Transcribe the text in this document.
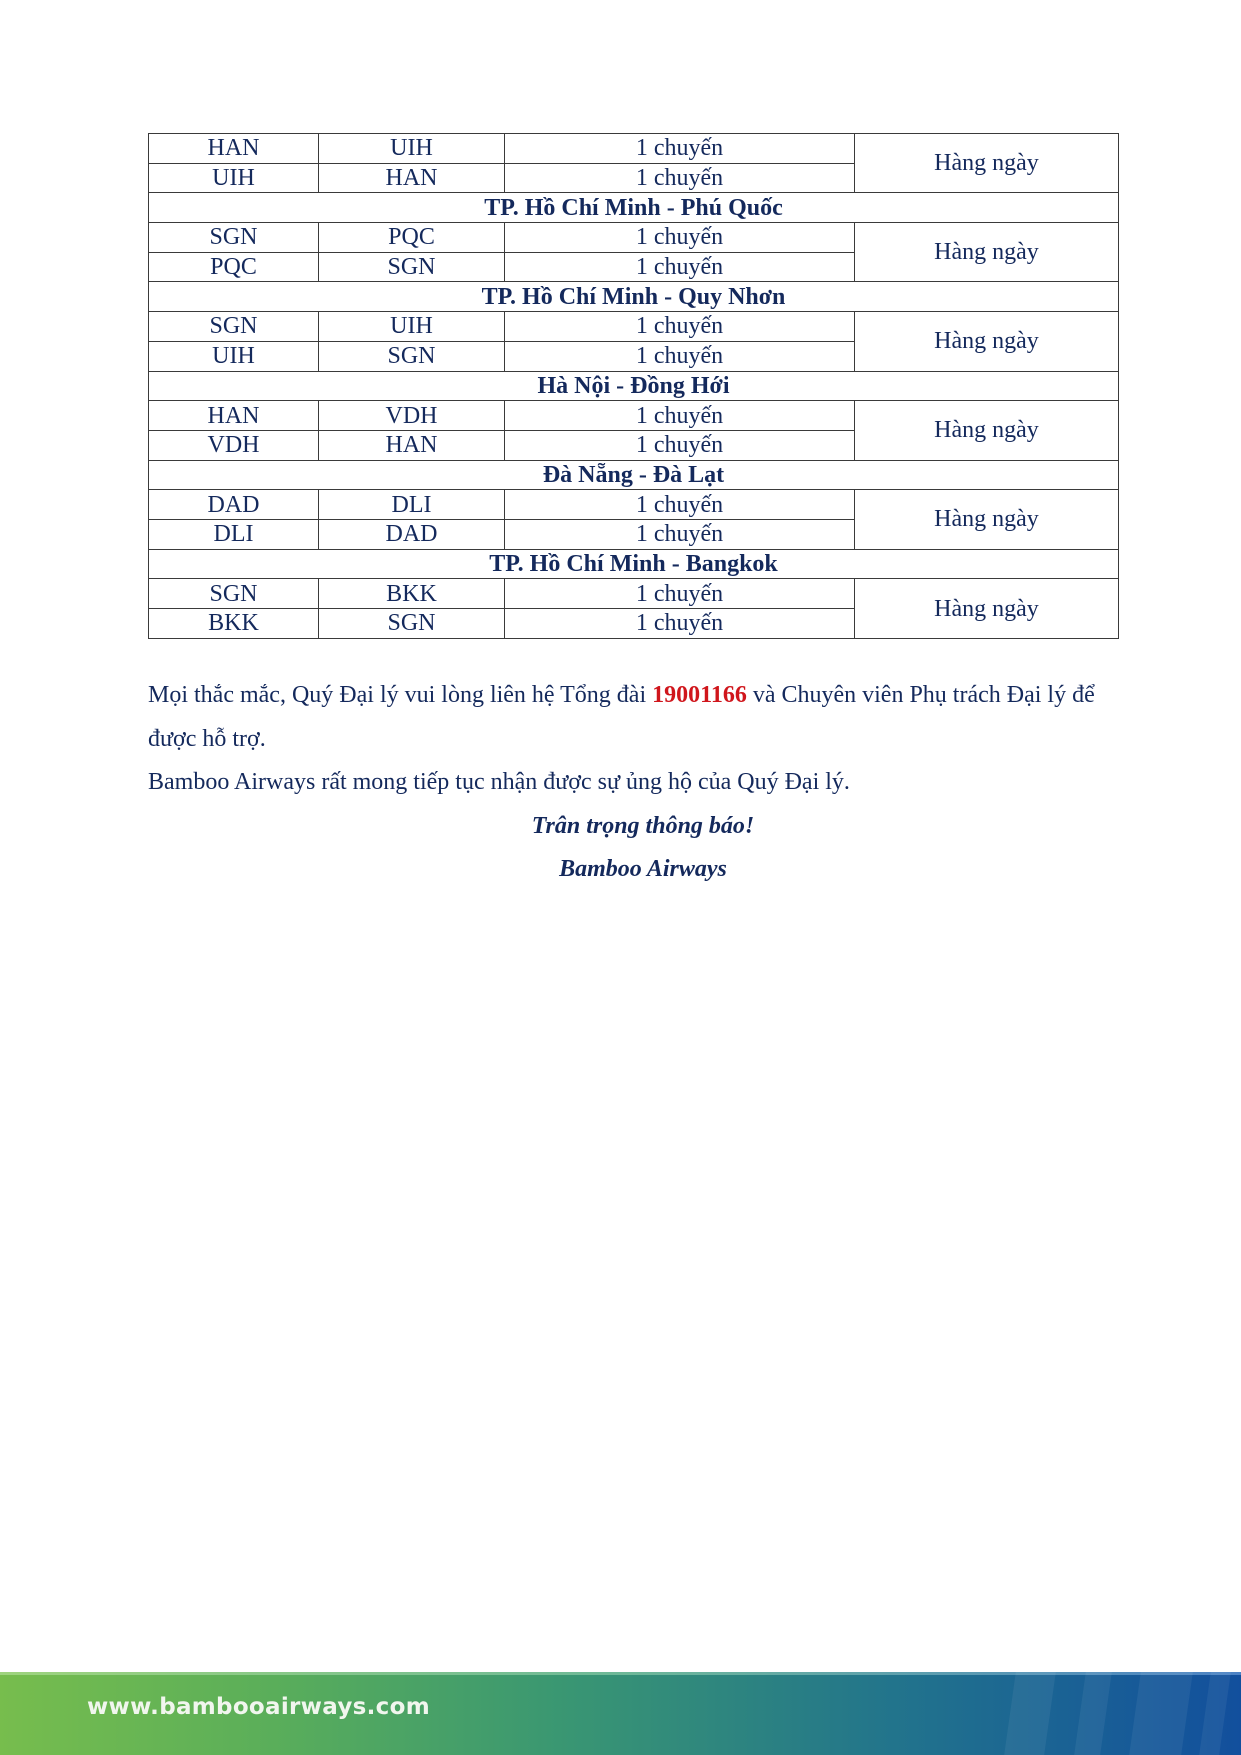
HAN	UIH	1 chuyến	Hàng ngày
UIH	HAN	1 chuyến	
TP. Hồ Chí Minh - Phú Quốc			
SGN	PQC	1 chuyến	Hàng ngày
PQC	SGN	1 chuyến	
TP. Hồ Chí Minh - Quy Nhơn			
SGN	UIH	1 chuyến	Hàng ngày
UIH	SGN	1 chuyến	
Hà Nội - Đồng Hới			
HAN	VDH	1 chuyến	Hàng ngày
VDH	HAN	1 chuyến	
Đà Nẵng - Đà Lạt			
DAD	DLI	1 chuyến	Hàng ngày
DLI	DAD	1 chuyến	
TP. Hồ Chí Minh - Bangkok			
SGN	BKK	1 chuyến	Hàng ngày
BKK	SGN	1 chuyến	

Mọi thắc mắc, Quý Đại lý vui lòng liên hệ Tổng đài 19001166 và Chuyên viên Phụ trách Đại lý để được hỗ trợ.

Bamboo Airways rất mong tiếp tục nhận được sự ủng hộ của Quý Đại lý.

Trân trọng thông báo!

Bamboo Airways

www.bambooairways.com
